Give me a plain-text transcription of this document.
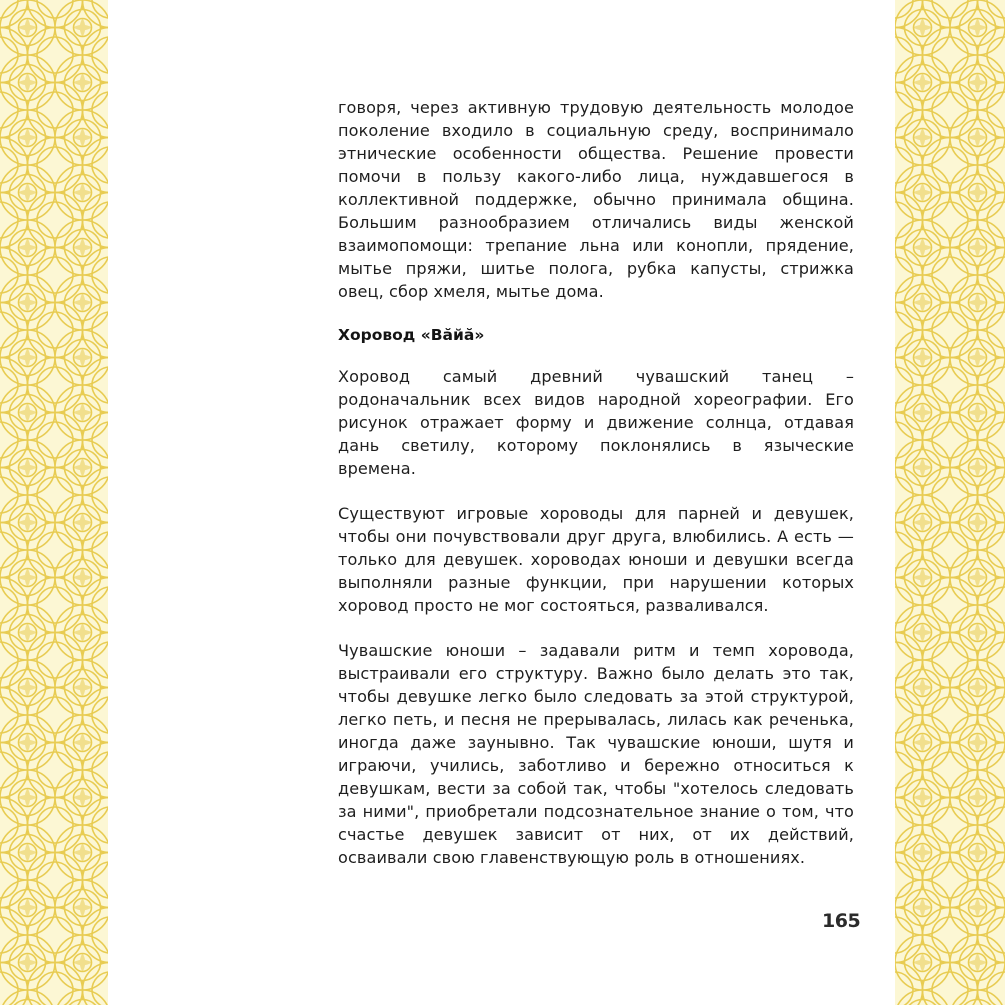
говоря, через активную трудовую деятельность молодое поколение входило в социальную среду, воспринимало этнические особенности общества. Решение провести помочи в пользу какого-либо лица, нуждавшегося в коллективной поддержке, обычно принимала община. Большим разнообразием отличались виды женской взаимопомощи: трепание льна или конопли, прядение, мытье пряжи, шитье полога, рубка капусты, стрижка овец, сбор хмеля, мытье дома.

Хоровод «Вăйă»

Хоровод самый древний чувашский танец – родоначальник всех видов народной хореографии. Его рисунок отражает форму и движение солнца, отдавая дань светилу, которому поклонялись в языческие времена.

Существуют игровые хороводы для парней и девушек, чтобы они почувствовали друг друга, влюбились. А есть — только для девушек. хороводах юноши и девушки всегда выполняли разные функции, при нарушении которых хоровод просто не мог состояться, разваливался.

Чувашские юноши – задавали ритм и темп хоровода, выстраивали его структуру. Важно было делать это так, чтобы девушке легко было следовать за этой структурой, легко петь, и песня не прерывалась, лилась как реченька, иногда даже заунывно. Так чувашские юноши, шутя и играючи, учились, заботливо и бережно относиться к девушкам, вести за собой так, чтобы "хотелось следовать за ними", приобретали подсознательное знание о том, что счастье девушек зависит от них, от их действий, осваивали свою главенствующую роль в отношениях.

165
